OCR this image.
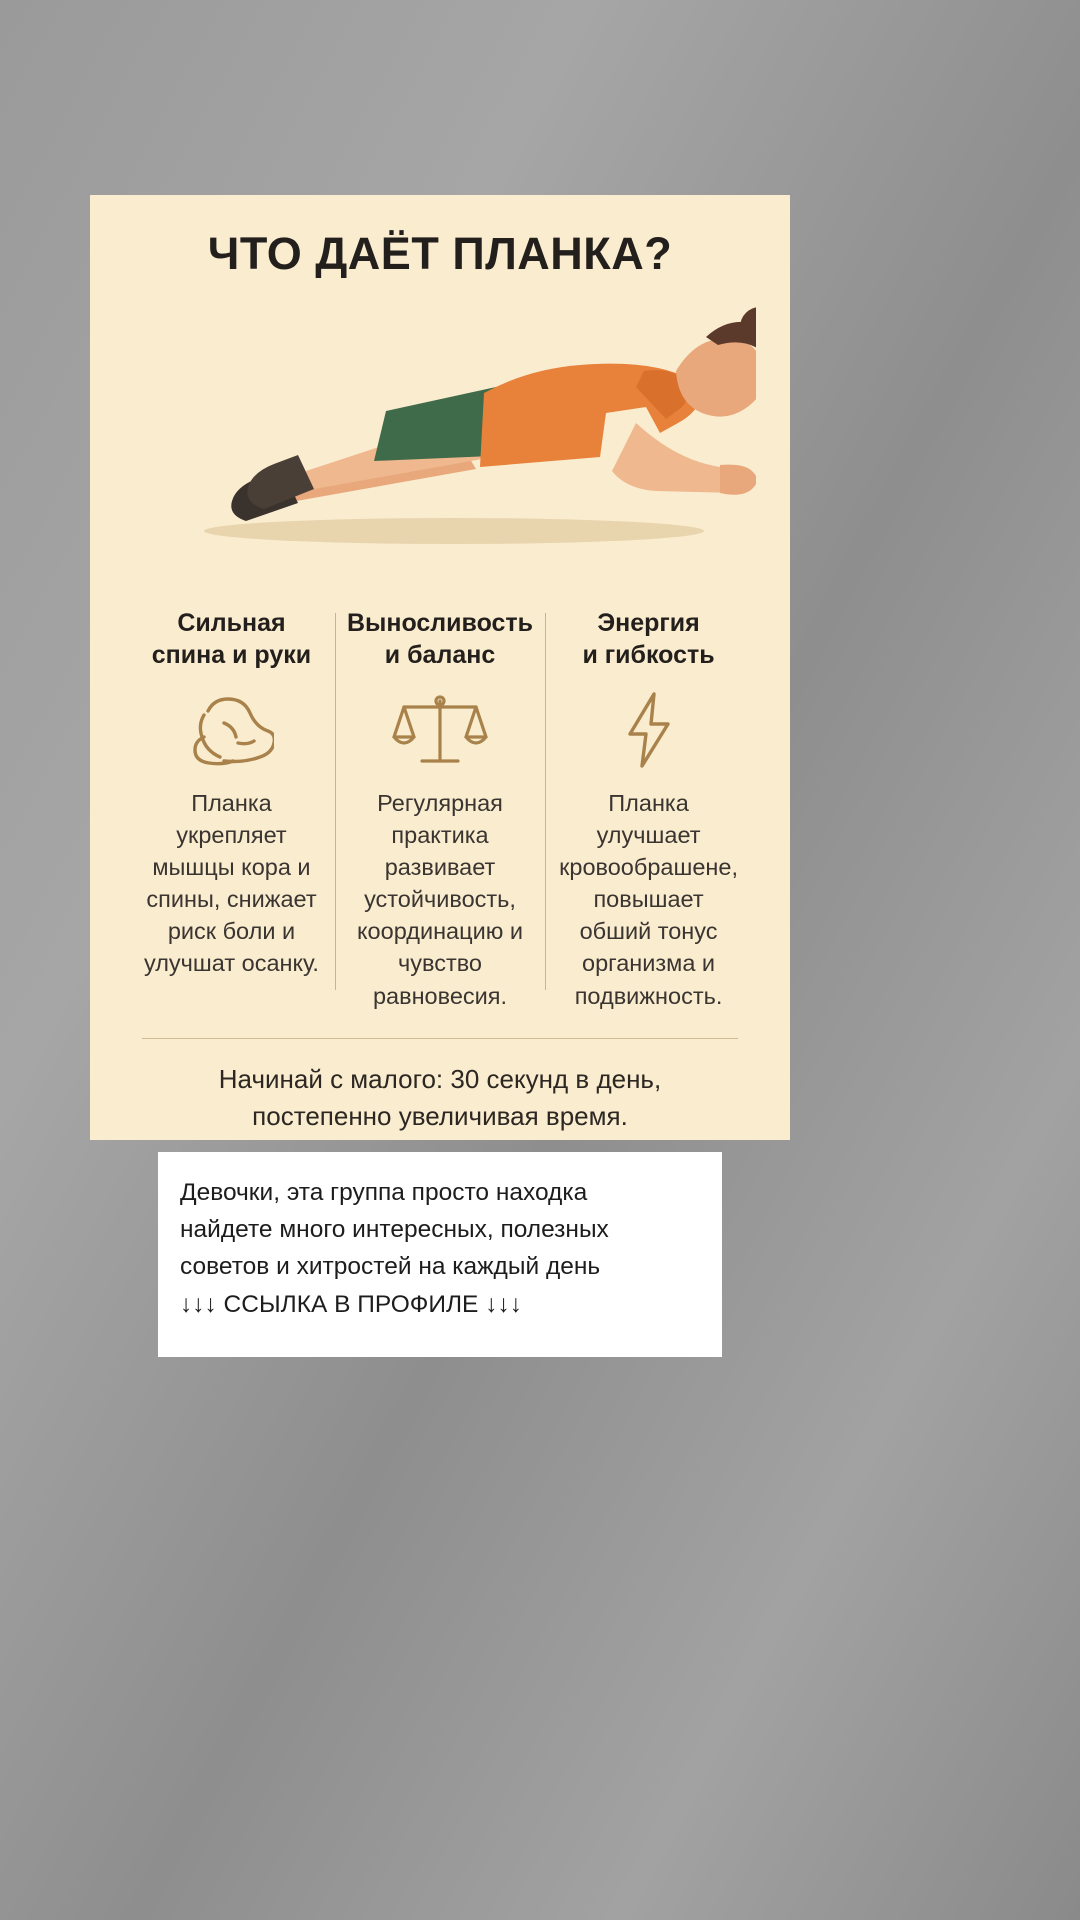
ЧТО ДАЁТ ПЛАНКА?
Сильная
спина и руки
Планка укрепляет мышцы кора и спины, снижает риск боли и улучшат осанку.
Выносливость
и баланс
Регулярная практика развивает устойчивость, координацию и чувство равновесия.
Энергия
и гибкость
Планка улучшает кровообрашене, повышает обший тонус организма и подвижность.
Начинай с малого: 30 секунд в день,
постепенно увеличивая время.

Девочки, эта группа просто находка

найдете много интересных, полезных

советов и хитростей на каждый день

↓↓↓ ССЫЛКА В ПРОФИЛЕ ↓↓↓
